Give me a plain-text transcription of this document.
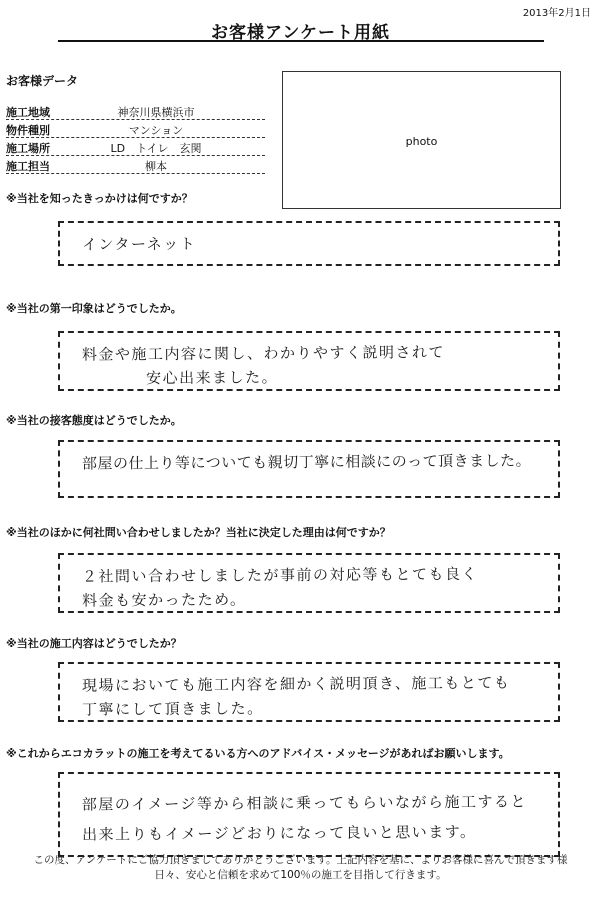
2013年2月1日
お客様アンケート用紙
お客様データ
施工地域	神奈川県横浜市
物件種別	マンション
施工場所	LD　トイレ　玄関
施工担当	柳本
photo
※当社を知ったきっかけは何ですか？
インターネット
※当社の第一印象はどうでしたか。
料金や施工内容に関し、わかりやすく説明されて
安心出来ました。
※当社の接客態度はどうでしたか。
部屋の仕上り等についても親切丁寧に相談にのって頂きました。
※当社のほかに何社問い合わせしましたか？当社に決定した理由は何ですか？
２社問い合わせしましたが事前の対応等もとても良く
料金も安かったため。
※当社の施工内容はどうでしたか？
現場においても施工内容を細かく説明頂き、施工もとても
丁寧にして頂きました。
※これからエコカラットの施工を考えてるいる方へのアドバイス・メッセージがあればお願いします。
部屋のイメージ等から相談に乗ってもらいながら施工すると
出来上りもイメージどおりになって良いと思います。
この度、アンケートにご協力頂きましてありがとうございます。上記内容を基に、よりお客様に喜んで頂きます様
日々、安心と信頼を求めて100％の施工を目指して行きます。
